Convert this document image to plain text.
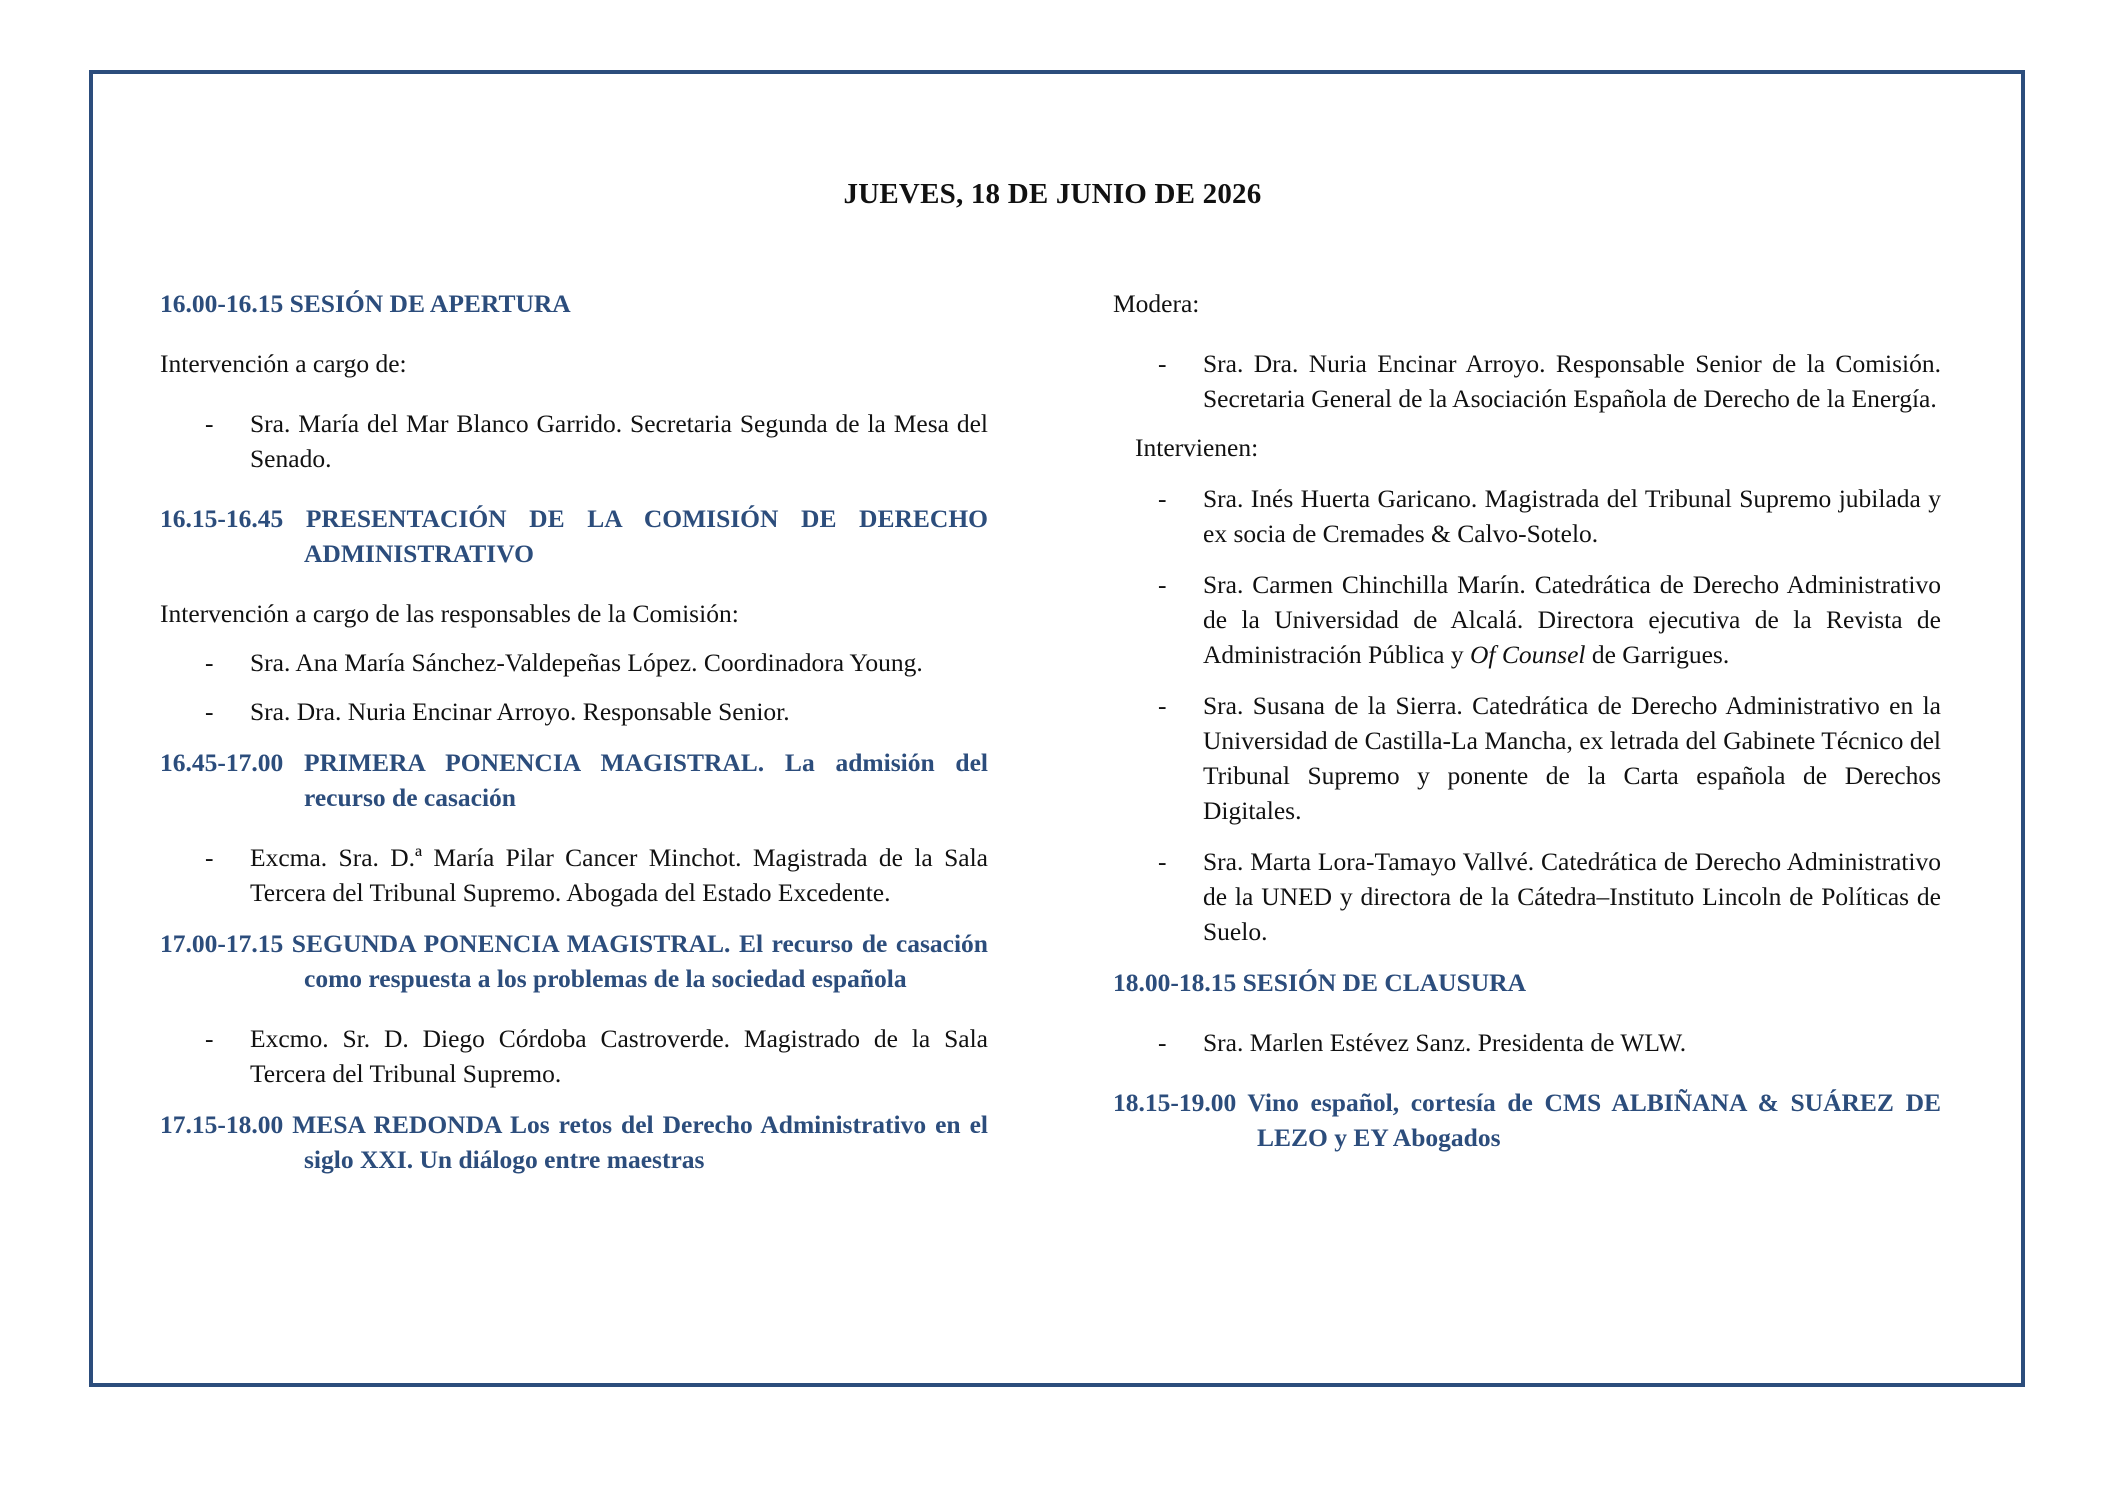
JUEVES, 18 DE JUNIO DE 2026

16.00-16.15 SESIÓN DE APERTURA

Intervención a cargo de:

- Sra. María del Mar Blanco Garrido. Secretaria Segunda de la Mesa del Senado.

16.15-16.45 PRESENTACIÓN DE LA COMISIÓN DE DERECHO ADMINISTRATIVO

Intervención a cargo de las responsables de la Comisión:

- Sra. Ana María Sánchez-Valdepeñas López. Coordinadora Young.

- Sra. Dra. Nuria Encinar Arroyo. Responsable Senior.

16.45-17.00 PRIMERA PONENCIA MAGISTRAL. La admisión del recurso de casación

- Excma. Sra. D.ª María Pilar Cancer Minchot. Magistrada de la Sala Tercera del Tribunal Supremo. Abogada del Estado Excedente.

17.00-17.15 SEGUNDA PONENCIA MAGISTRAL. El recurso de casación como respuesta a los problemas de la sociedad española

- Excmo. Sr. D. Diego Córdoba Castroverde. Magistrado de la Sala Tercera del Tribunal Supremo.

17.15-18.00 MESA REDONDA Los retos del Derecho Administrativo en el siglo XXI. Un diálogo entre maestras

Modera:

- Sra. Dra. Nuria Encinar Arroyo. Responsable Senior de la Comisión. Secretaria General de la Asociación Española de Derecho de la Energía.

Intervienen:

- Sra. Inés Huerta Garicano. Magistrada del Tribunal Supremo jubilada y ex socia de Cremades & Calvo-Sotelo.

- Sra. Carmen Chinchilla Marín. Catedrática de Derecho Administrativo de la Universidad de Alcalá. Directora ejecutiva de la Revista de Administración Pública y Of Counsel de Garrigues.

- Sra. Susana de la Sierra. Catedrática de Derecho Administrativo en la Universidad de Castilla-La Mancha, ex letrada del Gabinete Técnico del Tribunal Supremo y ponente de la Carta española de Derechos Digitales.

- Sra. Marta Lora-Tamayo Vallvé. Catedrática de Derecho Administrativo de la UNED y directora de la Cátedra–Instituto Lincoln de Políticas de Suelo.

18.00-18.15 SESIÓN DE CLAUSURA

- Sra. Marlen Estévez Sanz. Presidenta de WLW.

18.15-19.00 Vino español, cortesía de CMS ALBIÑANA & SUÁREZ DE LEZO y EY Abogados
